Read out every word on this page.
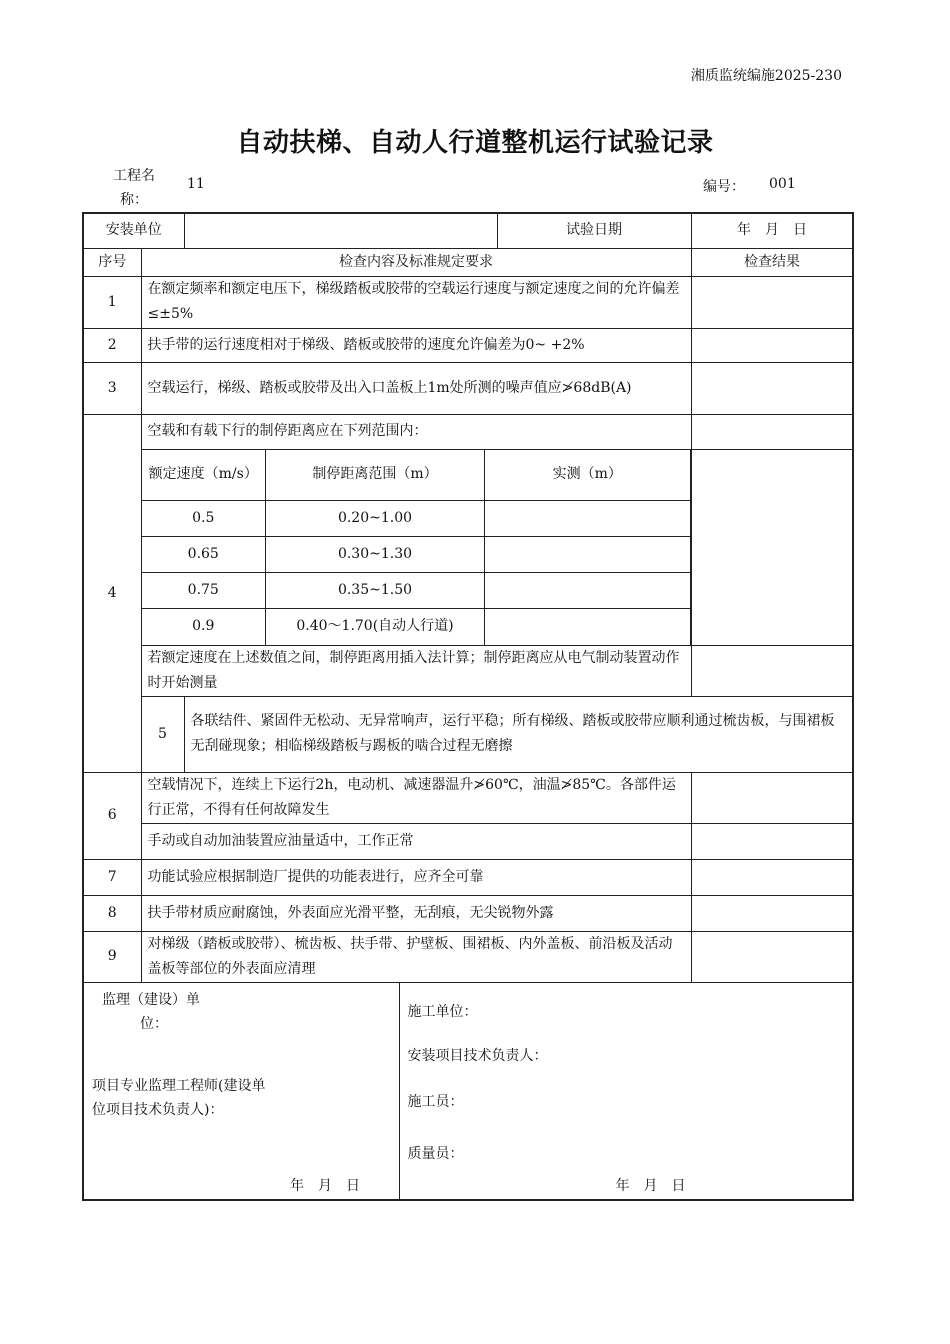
湘质监统编施2025-230
自动扶梯、自动人行道整机运行试验记录
工程名称：
11	编号： 001
安装单位		试验日期	年　月　日
序号	检查内容及标准规定要求	检查结果
1	在额定频率和额定电压下，梯级踏板或胶带的空载运行速度与额定速度之间的允许偏差≤±5%	
2	扶手带的运行速度相对于梯级、踏板或胶带的速度允许偏差为0~ +2%	
3	空载运行，梯级、踏板或胶带及出入口盖板上1m处所测的噪声值应≯68dB(A)	
4	空载和有载下行的制停距离应在下列范围内：	

额定速度（m/s）	制停距离范围（m）	实测（m）
0.5	0.20~1.00	
0.65	0.30~1.30	
0.75	0.35~1.50	
0.9	0.40～1.70(自动人行道)	

若额定速度在上述数值之间，制停距离用插入法计算；制停距离应从电气制动装置动作时开始测量	
5	各联结件、紧固件无松动、无异常响声，运行平稳；所有梯级、踏板或胶带应顺利通过梳齿板，与围裙板无刮碰现象；相临梯级踏板与踢板的啮合过程无磨擦	
6	空载情况下，连续上下运行2h，电动机、减速器温升≯60℃，油温≯85℃。各部件运行正常，不得有任何故障发生	
手动或自动加油装置应油量适中，工作正常	
7	功能试验应根据制造厂提供的功能表进行，应齐全可靠	
8	扶手带材质应耐腐蚀，外表面应光滑平整，无刮痕，无尖锐物外露	
9	对梯级（踏板或胶带）、梳齿板、扶手带、护壁板、围裙板、内外盖板、前沿板及活动盖板等部位的外表面应清理	

监理（建设）单
位：
项目专业监理工程师(建设单
位项目技术负责人)：
年　月　日

施工单位：
安装项目技术负责人：
施工员：
质量员：
年　月　日
